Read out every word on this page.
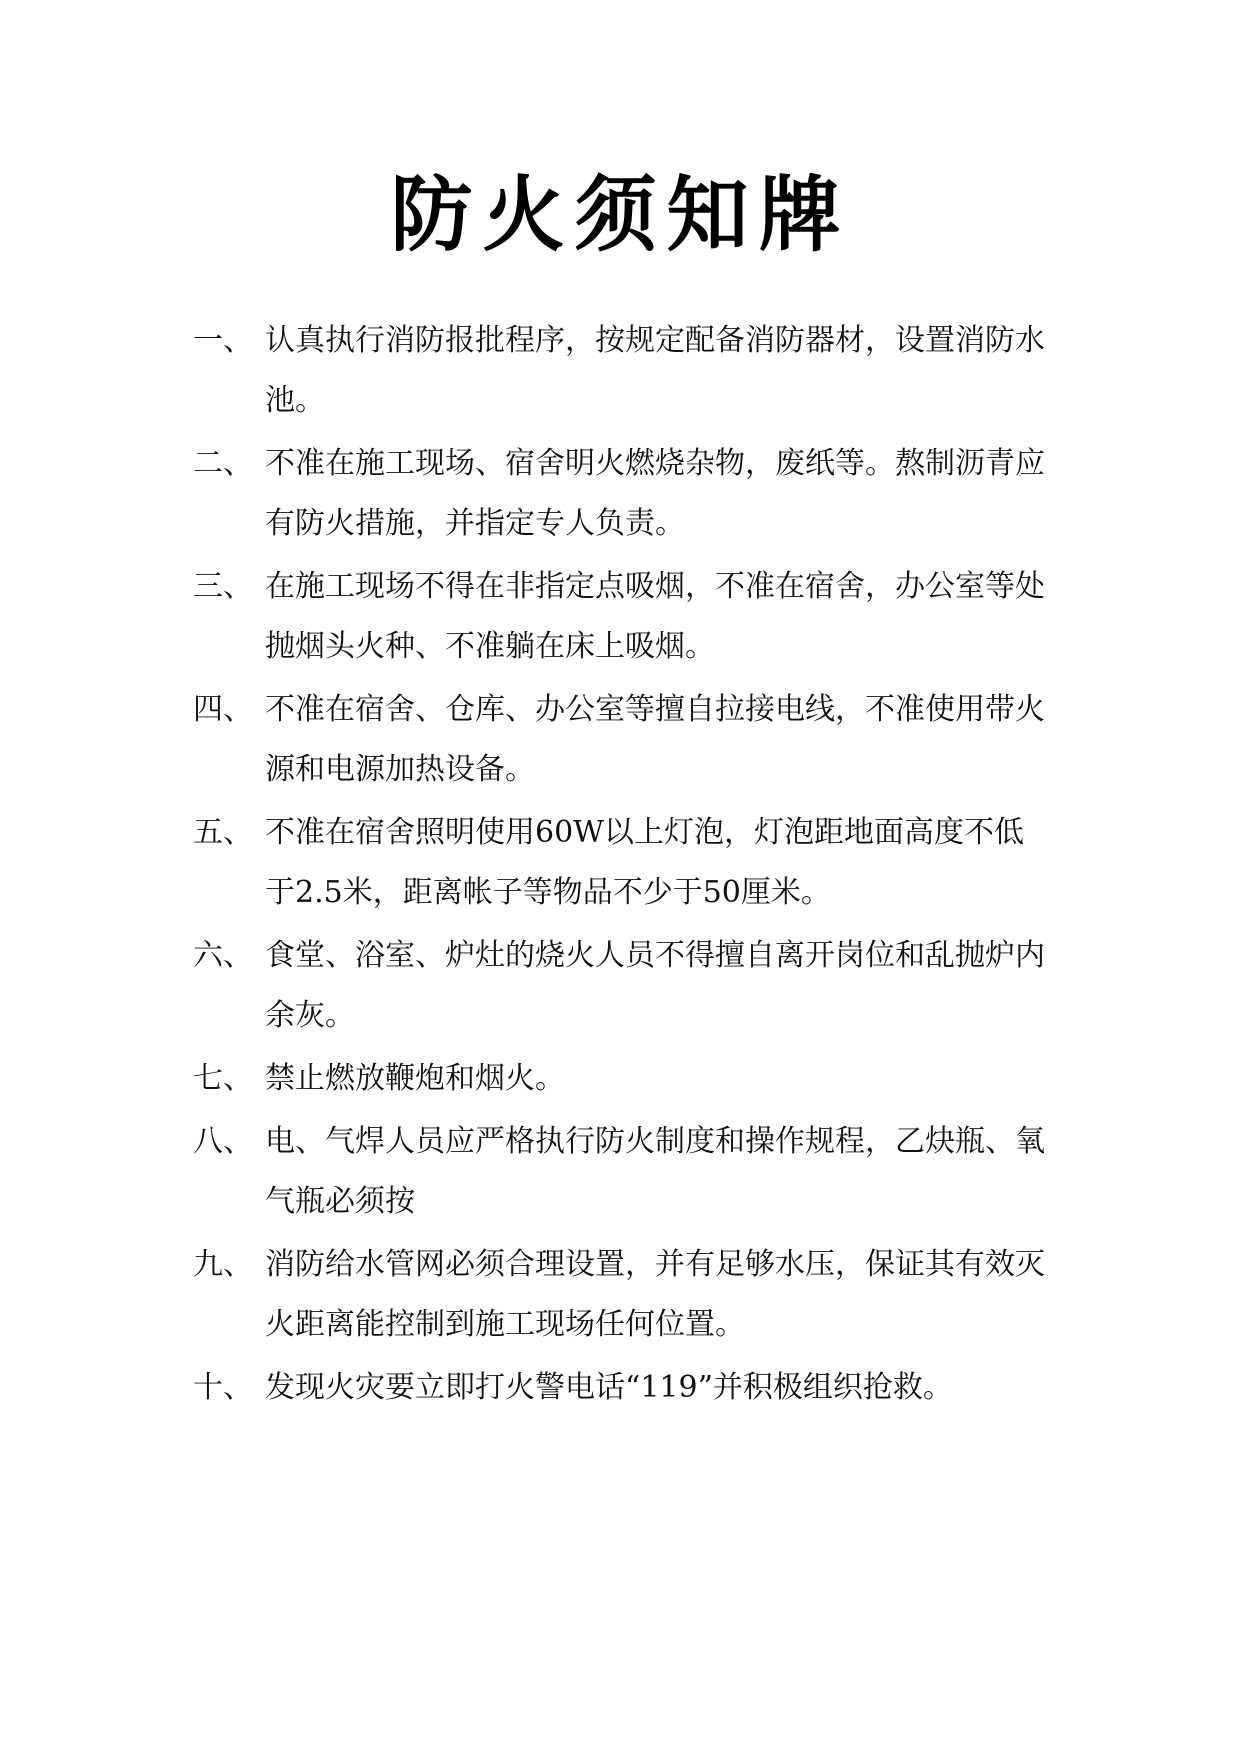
防火须知牌
一、 认真执行消防报批程序，按规定配备消防器材，设置消防水池。
二、 不准在施工现场、宿舍明火燃烧杂物，废纸等。熬制沥青应有防火措施，并指定专人负责。
三、 在施工现场不得在非指定点吸烟，不准在宿舍，办公室等处抛烟头火种、不准躺在床上吸烟。
四、 不准在宿舍、仓库、办公室等擅自拉接电线，不准使用带火源和电源加热设备。
五、 不准在宿舍照明使用60W以上灯泡，灯泡距地面高度不低于2.5米，距离帐子等物品不少于50厘米。
六、 食堂、浴室、炉灶的烧火人员不得擅自离开岗位和乱抛炉内余灰。
七、 禁止燃放鞭炮和烟火。
八、 电、气焊人员应严格执行防火制度和操作规程，乙炔瓶、氧气瓶必须按
九、 消防给水管网必须合理设置，并有足够水压，保证其有效灭火距离能控制到施工现场任何位置。
十、 发现火灾要立即打火警电话“119”并积极组织抢救。
